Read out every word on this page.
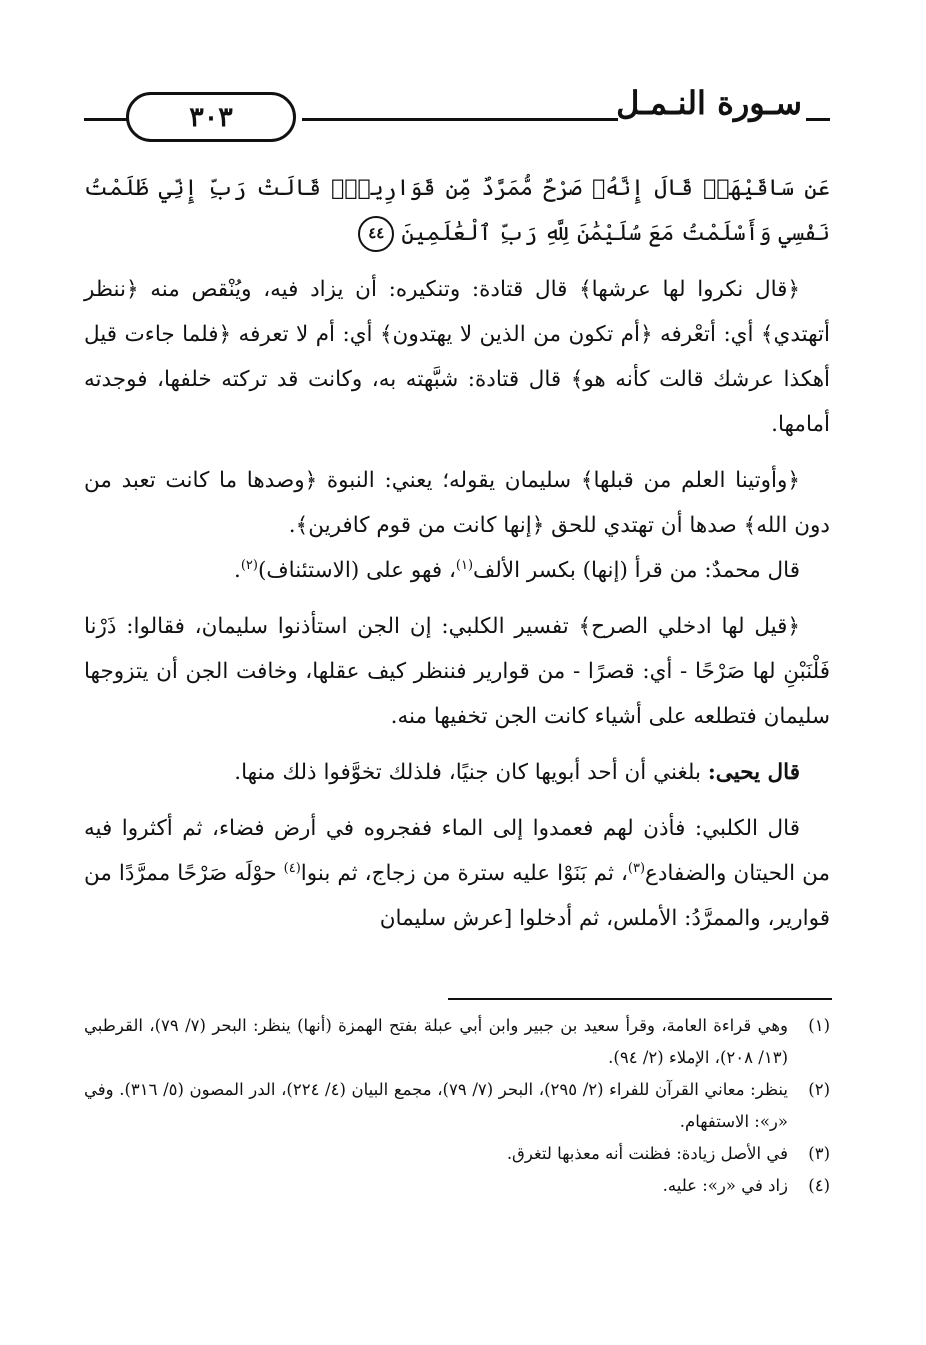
٣٠٣	سـورة النـمـل

عَن سَاقَيْهَاۚ قَالَ إِنَّهُۥ صَرْحٌ مُّمَرَّدٌ مِّن قَوَارِيرَۗ قَالَتْ رَبِّ إِنِّي ظَلَمْتُ نَفْسِي وَأَسْلَمْتُ مَعَ سُلَيْمَٰنَ لِلَّهِ رَبِّ ٱلْعَٰلَمِينَ ٤٤

﴿قال نكروا لها عرشها﴾ قال قتادة: وتنكيره: أن يزاد فيه، ويُنْقص منه ﴿ننظر أتهتدي﴾ أي: أتعْرفه ﴿أم تكون من الذين لا يهتدون﴾ أي: أم لا تعرفه ﴿فلما جاءت قيل أهكذا عرشك قالت كأنه هو﴾ قال قتادة: شبَّهته به، وكانت قد تركته خلفها، فوجدته أمامها.

﴿وأوتينا العلم من قبلها﴾ سليمان يقوله؛ يعني: النبوة ﴿وصدها ما كانت تعبد من دون الله﴾ صدها أن تهتدي للحق ﴿إنها كانت من قوم كافرين﴾.

قال محمدٌ: من قرأ (إنها) بكسر الألف$^{(١)}$، فهو على (الاستئناف)$^{(٢)}$.

﴿قيل لها ادخلي الصرح﴾ تفسير الكلبي: إن الجن استأذنوا سليمان، فقالوا: ذَرْنا فَلْنَبْنِ لها صَرْحًا - أي: قصرًا - من قوارير فننظر كيف عقلها، وخافت الجن أن يتزوجها سليمان فتطلعه على أشياء كانت الجن تخفيها منه.

قال يحيى: بلغني أن أحد أبويها كان جنيًا، فلذلك تخوَّفوا ذلك منها.

قال الكلبي: فأذن لهم فعمدوا إلى الماء ففجروه في أرض فضاء، ثم أكثروا فيه من الحيتان والضفادع$^{(٣)}$، ثم بَنَوْا عليه سترة من زجاج، ثم بنوا$^{(٤)}$ حوْلَه صَرْحًا ممرَّدًا من قوارير، والممرَّدُ: الأملس، ثم أدخلوا [عرش سليمان

(١)
وهي قراءة العامة، وقرأ سعيد بن جبير وابن أبي عبلة بفتح الهمزة (أنها) ينظر: البحر (٧/ ٧٩)، القرطبي (١٣/ ٢٠٨)، الإملاء (٢/ ٩٤).
(٢)
ينظر: معاني القرآن للفراء (٢/ ٢٩٥)، البحر (٧/ ٧٩)، مجمع البيان (٤/ ٢٢٤)، الدر المصون (٥/ ٣١٦). وفي «ر»: الاستفهام.
(٣)
في الأصل زيادة: فظنت أنه معذبها لتغرق.
(٤)
زاد في «ر»: عليه.
